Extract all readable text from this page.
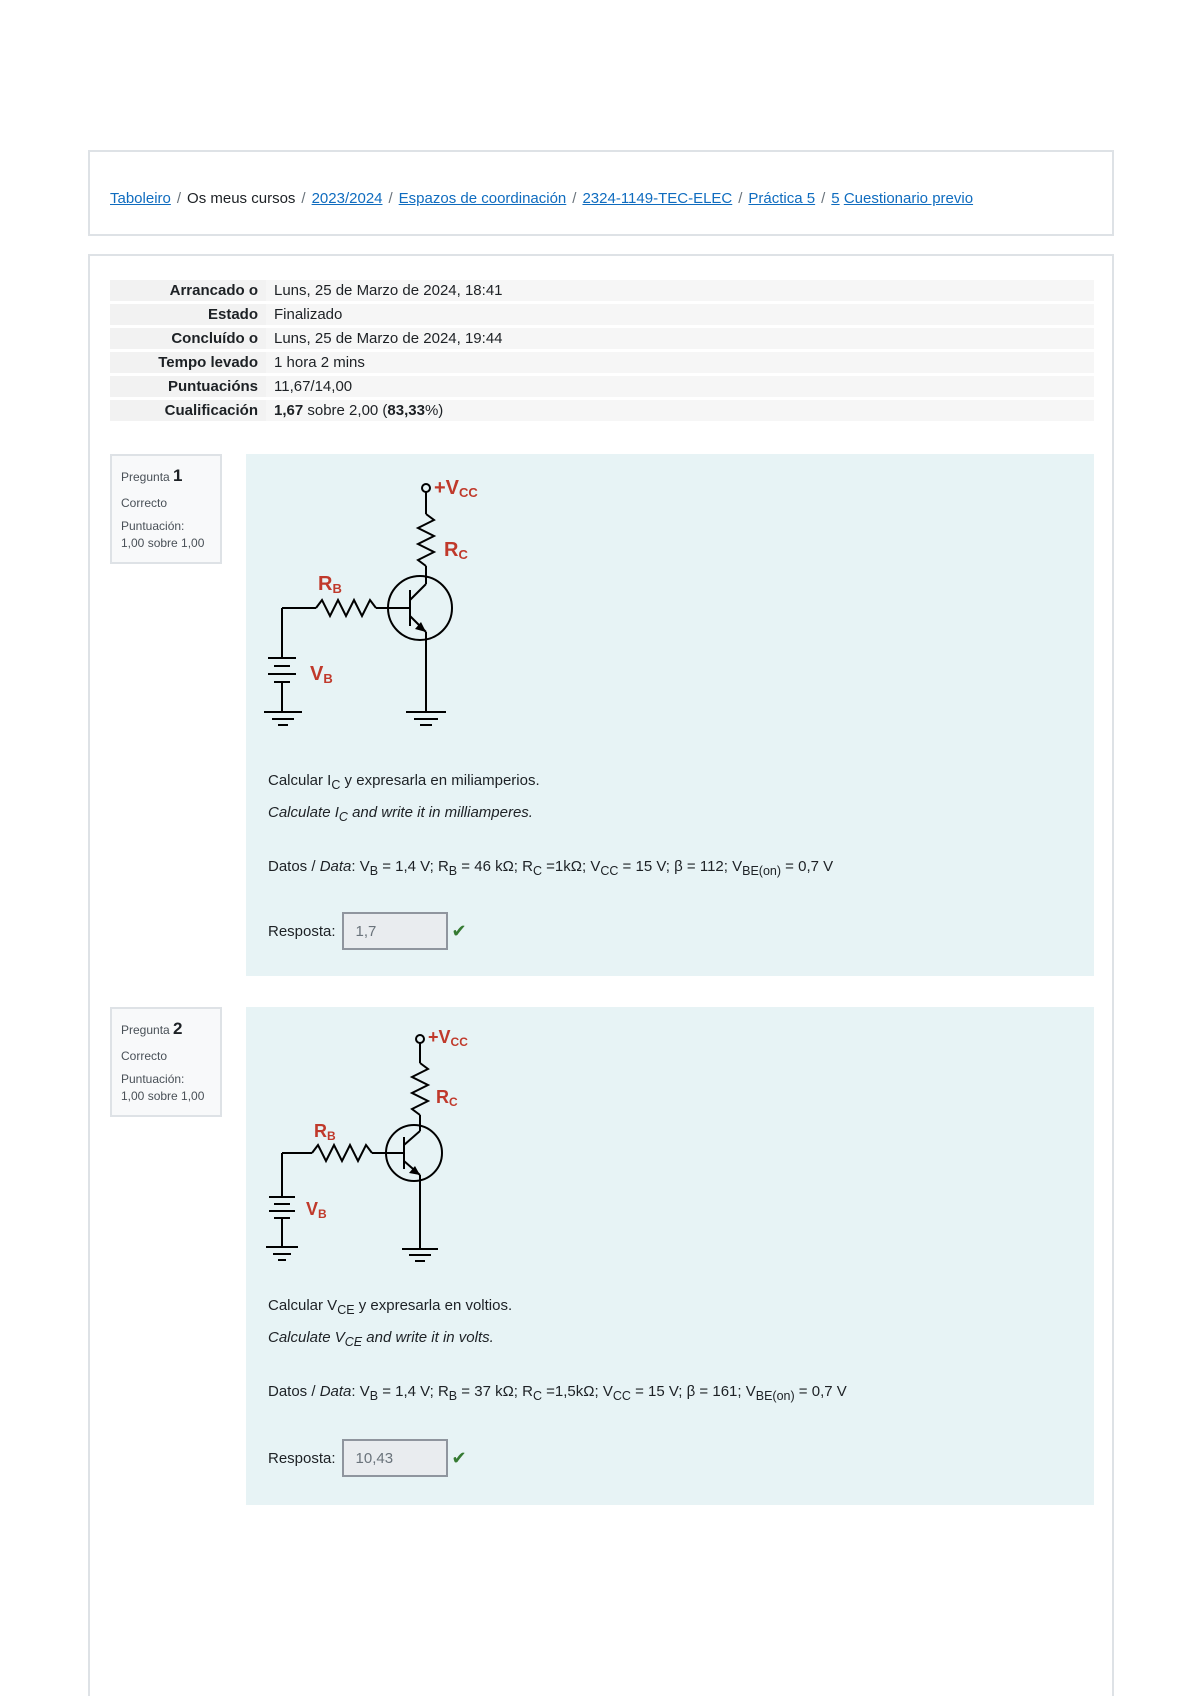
Taboleiro / Os meus cursos / 2023/2024 / Espazos de coordinación / 2324-1149-TEC-ELEC / Práctica 5 / 5 Cuestionario previo
Arrancado o	Luns, 25 de Marzo de 2024, 18:41
Estado	Finalizado
Concluído o	Luns, 25 de Marzo de 2024, 19:44
Tempo levado	1 hora 2 mins
Puntuacións	11,67/14,00
Cualificación	1,67 sobre 2,00 (83,33%)
Pregunta 1
Correcto
Puntuación:
1,00 sobre 1,00
+VCC
RC
RB
VB

Calcular $I_C$ y expresarla en miliamperios.

Calculate $I_C$ and write it in milliamperes.

Datos / Data: $V_B = 1,4$ V; $R_B = 46$ kΩ; $R_C =1k\Omega$; $V_{CC} = 15$ V; β = 112; $V_{BE(on)} = 0,7$ V

Resposta:
1,7	✔
Pregunta 2
Correcto
Puntuación:
1,00 sobre 1,00
+VCC
RC
RB
VB

Calcular $V_{CE}$ y expresarla en voltios.

Calculate $V_{CE}$ and write it in volts.

Datos / Data: $V_B = 1,4$ V; $R_B = 37$ kΩ; $R_C =1,5k\Omega$; $V_{CC} = 15$ V; β = 161; $V_{BE(on)} = 0,7$ V

Resposta:
10,43	✔
